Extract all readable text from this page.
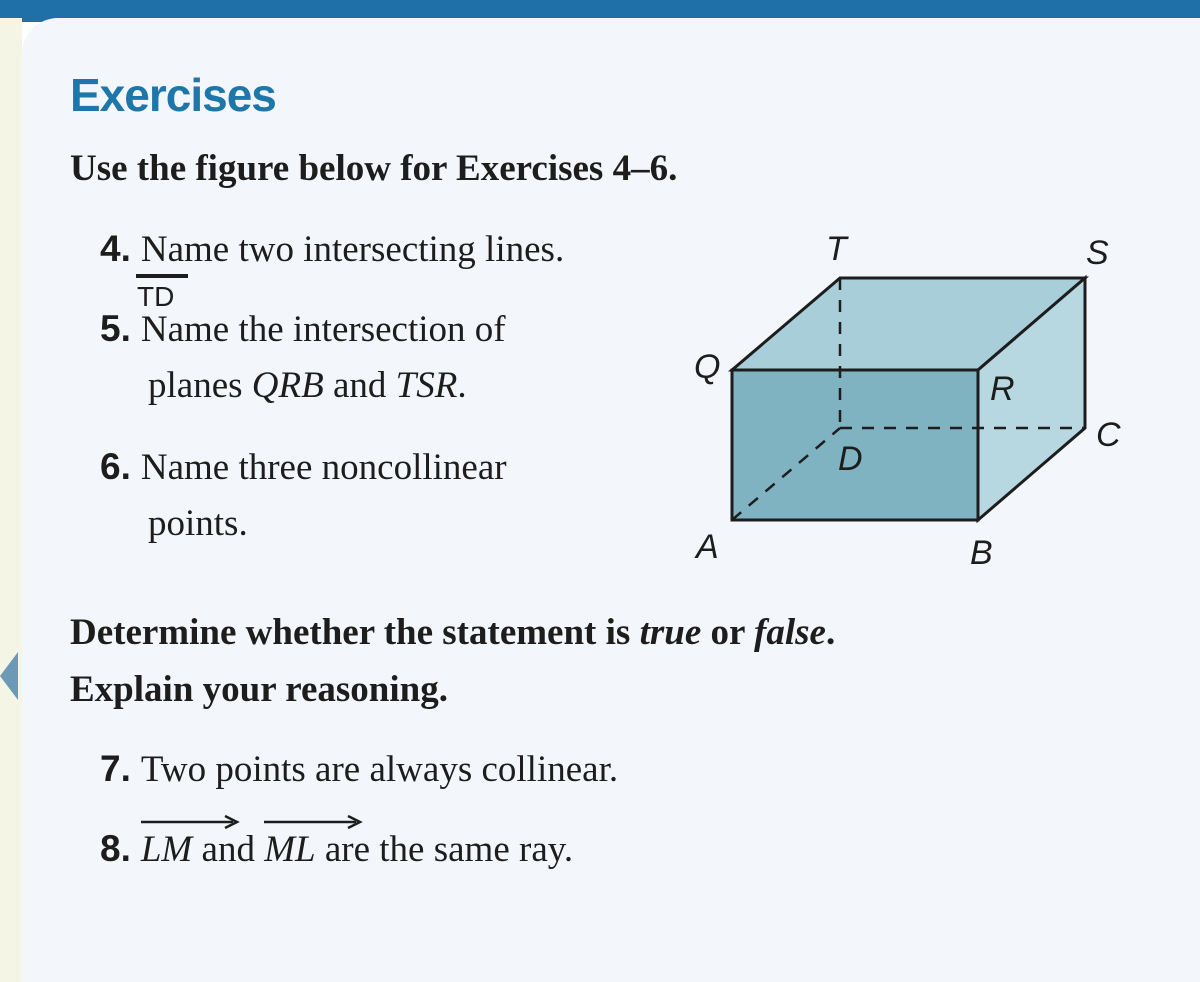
Exercises

Use the figure below for Exercises 4–6.

4. Name two intersecting lines.

TD

5. Name the intersection of

planes QRB and TSR.

6. Name three noncollinear

points.

T	S
Q
R
C
D
A	B

Determine whether the statement is true or false.

Explain your reasoning.

7. Two points are always collinear.

8. LM and
ML are the same ray.
